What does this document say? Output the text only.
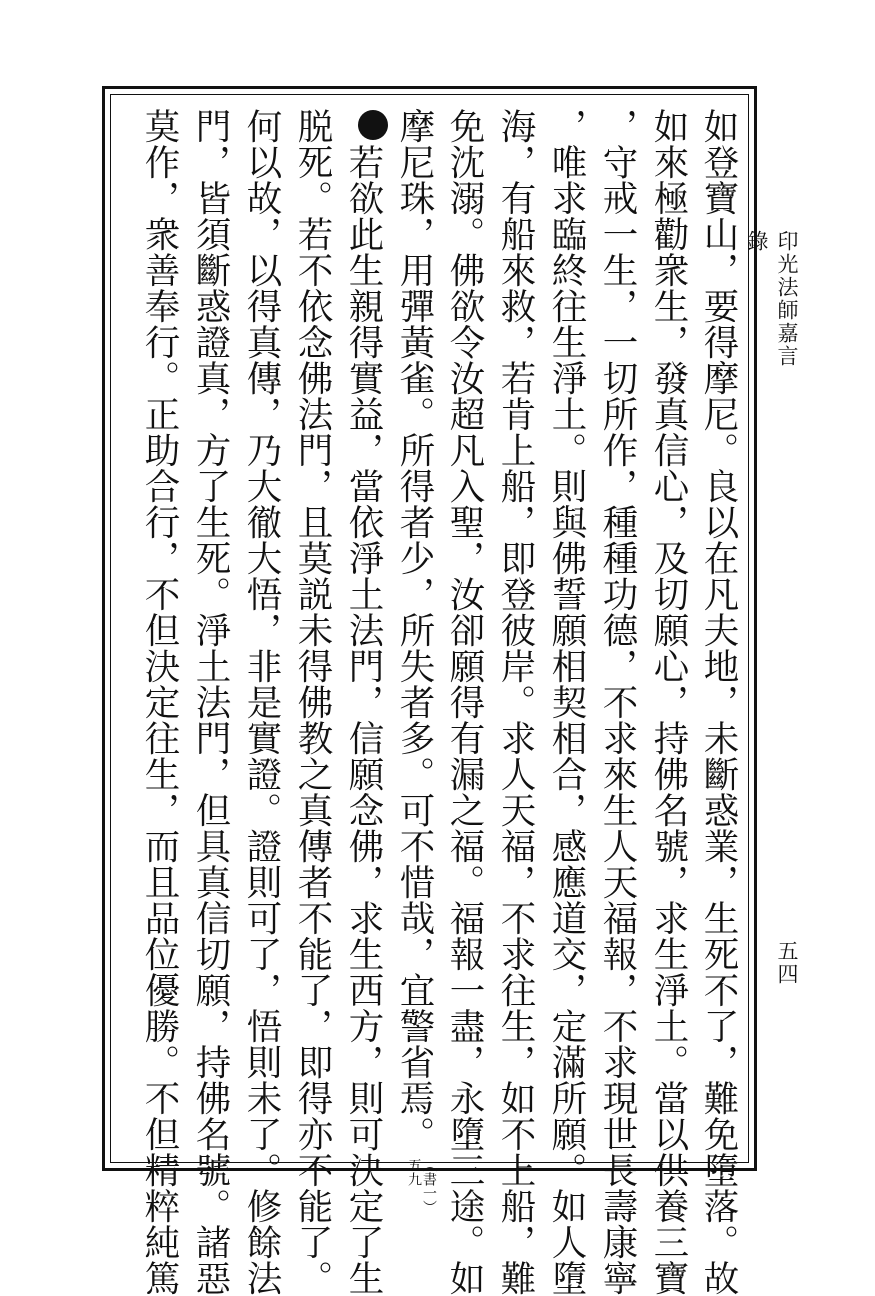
印光法師嘉言錄
五四
如登寶山，要得摩尼。良以在凡夫地，未斷惑業，生死不了，難免墮落。故
如來極勸衆生，發真信心，及切願心，持佛名號，求生淨土。當以供養三寶
，守戒一生，一切所作，種種功德，不求來生人天福報，不求現世長壽康寧
，唯求臨終往生淨土。則與佛誓願相契相合，感應道交，定滿所願。如人墮
海，有船來救，若肯上船，即登彼岸。求人天福，不求往生，如不上船，難
免沈溺。佛欲令汝超凡入聖，汝卻願得有漏之福。福報一盡，永墮三途。如
摩尼珠，用彈黃雀。所得者少，所失者多。可不惜哉，宜警省焉。
（書一）
五九
若欲此生親得實益，當依淨土法門，信願念佛，求生西方，則可決定了生
脱死。若不依念佛法門，且莫説未得佛教之真傳者不能了，即得亦不能了。
何以故，以得真傳，乃大徹大悟，非是實證。證則可了，悟則未了。修餘法
門，皆須斷惑證真，方了生死。淨土法門，但具真信切願，持佛名號。諸惡
莫作，衆善奉行。正助合行，不但決定往生，而且品位優勝。不但精粹純篤
